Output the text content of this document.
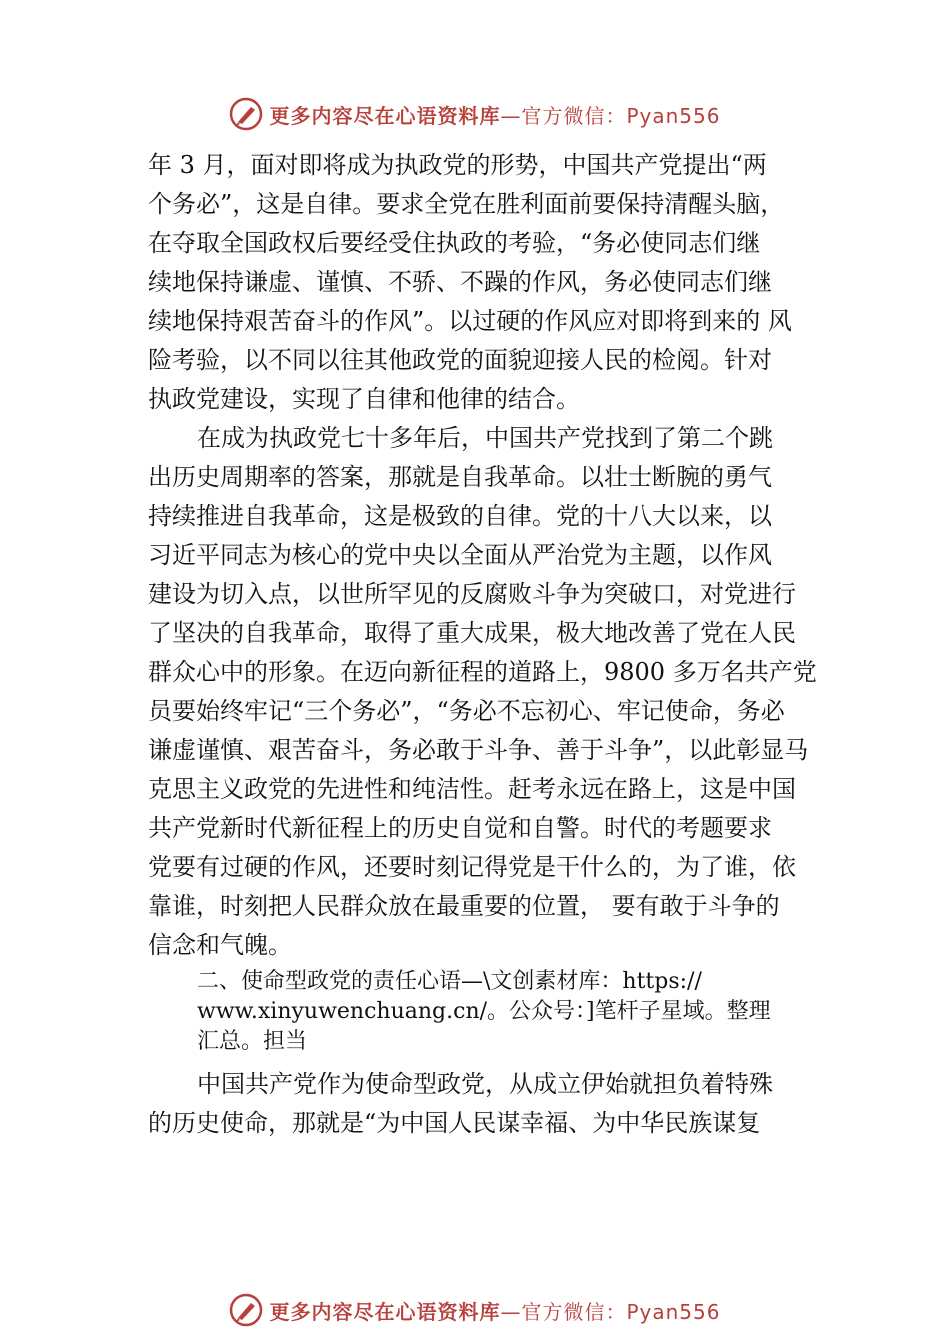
更多内容尽在心语资料库—官方微信：Pyan556
年 3 月，面对即将成为执政党的形势，中国共产党提出“两
个务必”，这是自律。要求全党在胜利面前要保持清醒头脑，
在夺取全国政权后要经受住执政的考验，“务必使同志们继
续地保持谦虚、谨慎、不骄、不躁的作风，务必使同志们继
续地保持艰苦奋斗的作风”。以过硬的作风应对即将到来的 风
险考验，以不同以往其他政党的面貌迎接人民的检阅。针对
执政党建设，实现了自律和他律的结合。
在成为执政党七十多年后，中国共产党找到了第二个跳
出历史周期率的答案，那就是自我革命。以壮士断腕的勇气
持续推进自我革命，这是极致的自律。党的十八大以来，以
习近平同志为核心的党中央以全面从严治党为主题，以作风
建设为切入点，以世所罕见的反腐败斗争为突破口，对党进行
了坚决的自我革命，取得了重大成果，极大地改善了党在人民
群众心中的形象。在迈向新征程的道路上，9800 多万名共产党
员要始终牢记“三个务必”，“务必不忘初心、牢记使命，务必
谦虚谨慎、艰苦奋斗，务必敢于斗争、善于斗争”，以此彰显马
克思主义政党的先进性和纯洁性。赶考永远在路上，这是中国
共产党新时代新征程上的历史自觉和自警。时代的考题要求
党要有过硬的作风，还要时刻记得党是干什么的，为了谁，依
靠谁，时刻把人民群众放在最重要的位置， 要有敢于斗争的
信念和气魄。
二、使命型政党的责任心语—\文创素材库：https://
www.xinyuwenchuang.cn/。公众号：]笔杆子星域。整理
汇总。担当
中国共产党作为使命型政党，从成立伊始就担负着特殊
的历史使命，那就是“为中国人民谋幸福、为中华民族谋复
更多内容尽在心语资料库—官方微信：Pyan556
